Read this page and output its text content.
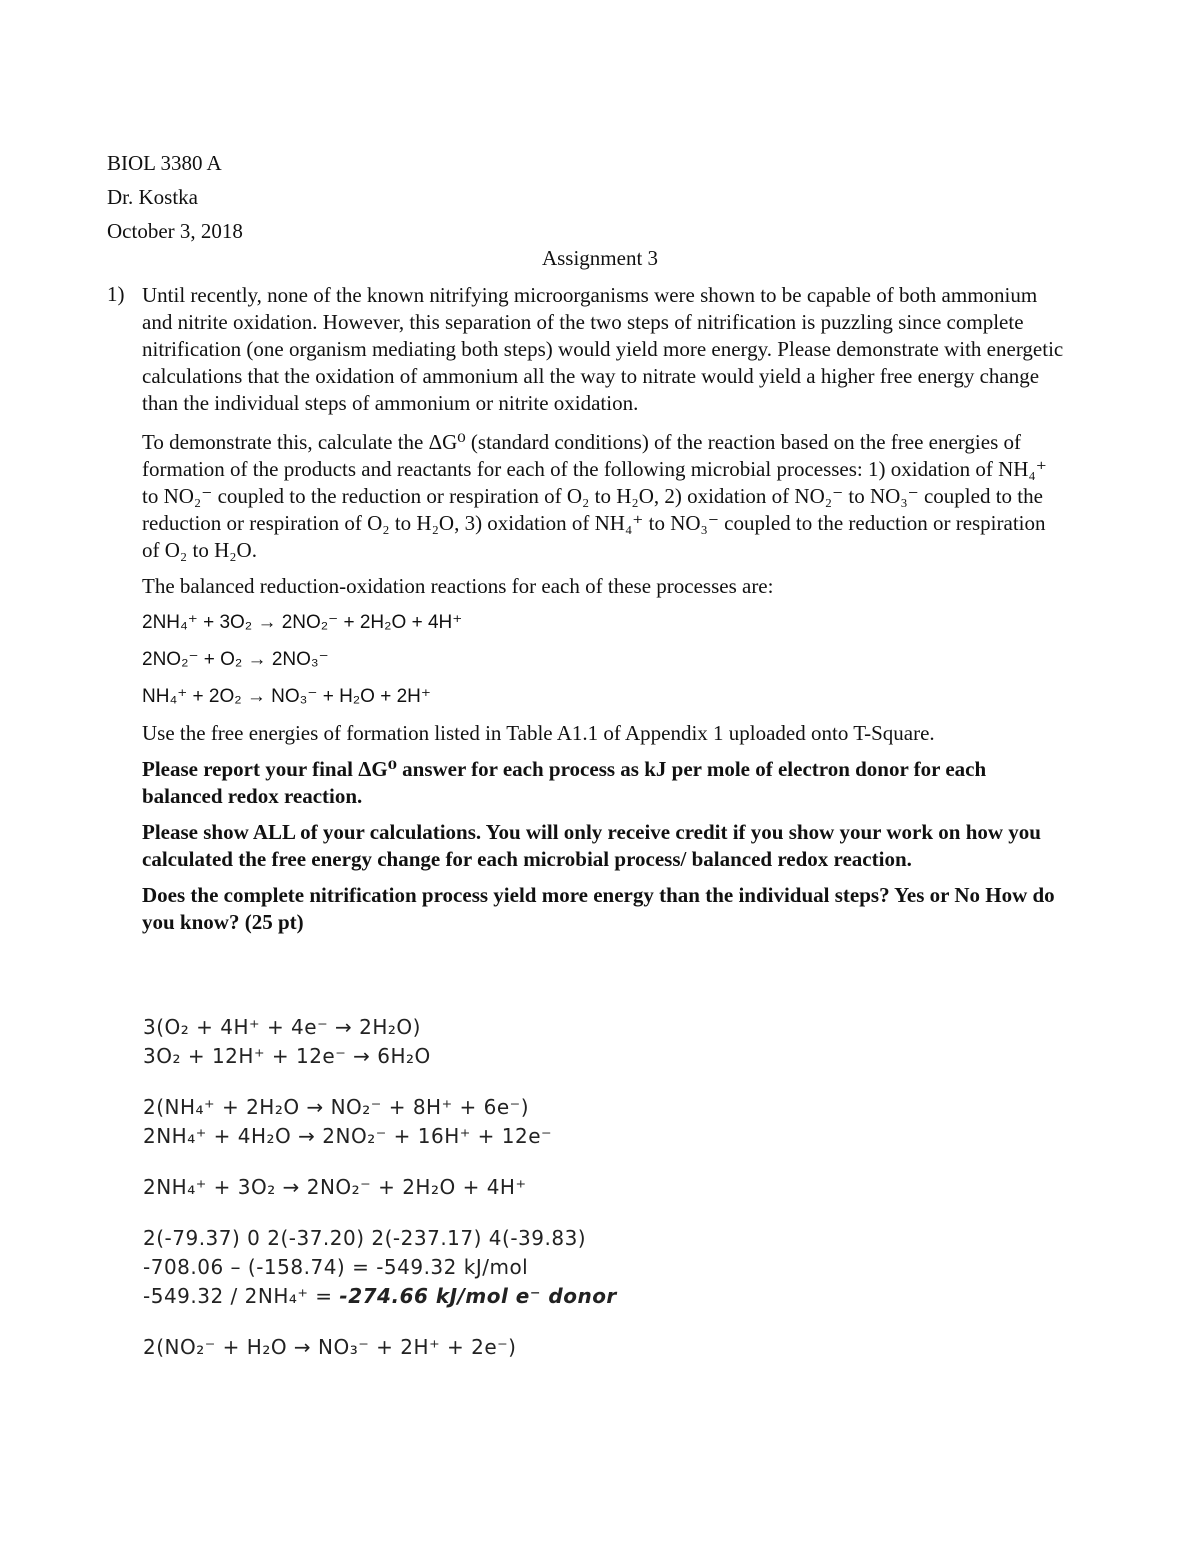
BIOL 3380 A
Dr. Kostka
October 3, 2018
Assignment 3
1) Until recently, none of the known nitrifying microorganisms were shown to be capable of both ammonium and nitrite oxidation. However, this separation of the two steps of nitrification is puzzling since complete nitrification (one organism mediating both steps) would yield more energy. Please demonstrate with energetic calculations that the oxidation of ammonium all the way to nitrate would yield a higher free energy change than the individual steps of ammonium or nitrite oxidation.

To demonstrate this, calculate the ΔG⁰ (standard conditions) of the reaction based on the free energies of formation of the products and reactants for each of the following microbial processes: 1) oxidation of NH₄⁺ to NO₂⁻ coupled to the reduction or respiration of O₂ to H₂O, 2) oxidation of NO₂⁻ to NO₃⁻ coupled to the reduction or respiration of O₂ to H₂O, 3) oxidation of NH₄⁺ to NO₃⁻ coupled to the reduction or respiration of O₂ to H₂O.

The balanced reduction-oxidation reactions for each of these processes are:

2NH₄⁺ + 3O₂ → 2NO₂⁻ + 2H₂O + 4H⁺
2NO₂⁻ + O₂ → 2NO₃⁻
NH₄⁺ + 2O₂ → NO₃⁻ + H₂O + 2H⁺

Use the free energies of formation listed in Table A1.1 of Appendix 1 uploaded onto T-Square.

Please report your final ΔG⁰ answer for each process as kJ per mole of electron donor for each balanced redox reaction.

Please show ALL of your calculations. You will only receive credit if you show your work on how you calculated the free energy change for each microbial process/ balanced redox reaction.

Does the complete nitrification process yield more energy than the individual steps? Yes or No How do you know? (25 pt)

3(O₂ + 4H⁺ + 4e⁻ → 2H₂O)
3O₂ + 12H⁺ + 12e⁻ → 6H₂O
2(NH₄⁺ + 2H₂O → NO₂⁻ + 8H⁺ + 6e⁻)
2NH₄⁺ + 4H₂O → 2NO₂⁻ + 16H⁺ + 12e⁻
2NH₄⁺ + 3O₂ → 2NO₂⁻ + 2H₂O + 4H⁺
2(-79.37) 0 2(-37.20) 2(-237.17) 4(-39.83)
-708.06 – (-158.74) = -549.32 kJ/mol
-549.32 / 2NH₄⁺ = -274.66 kJ/mol e⁻ donor
2(NO₂⁻ + H₂O → NO₃⁻ + 2H⁺ + 2e⁻)
